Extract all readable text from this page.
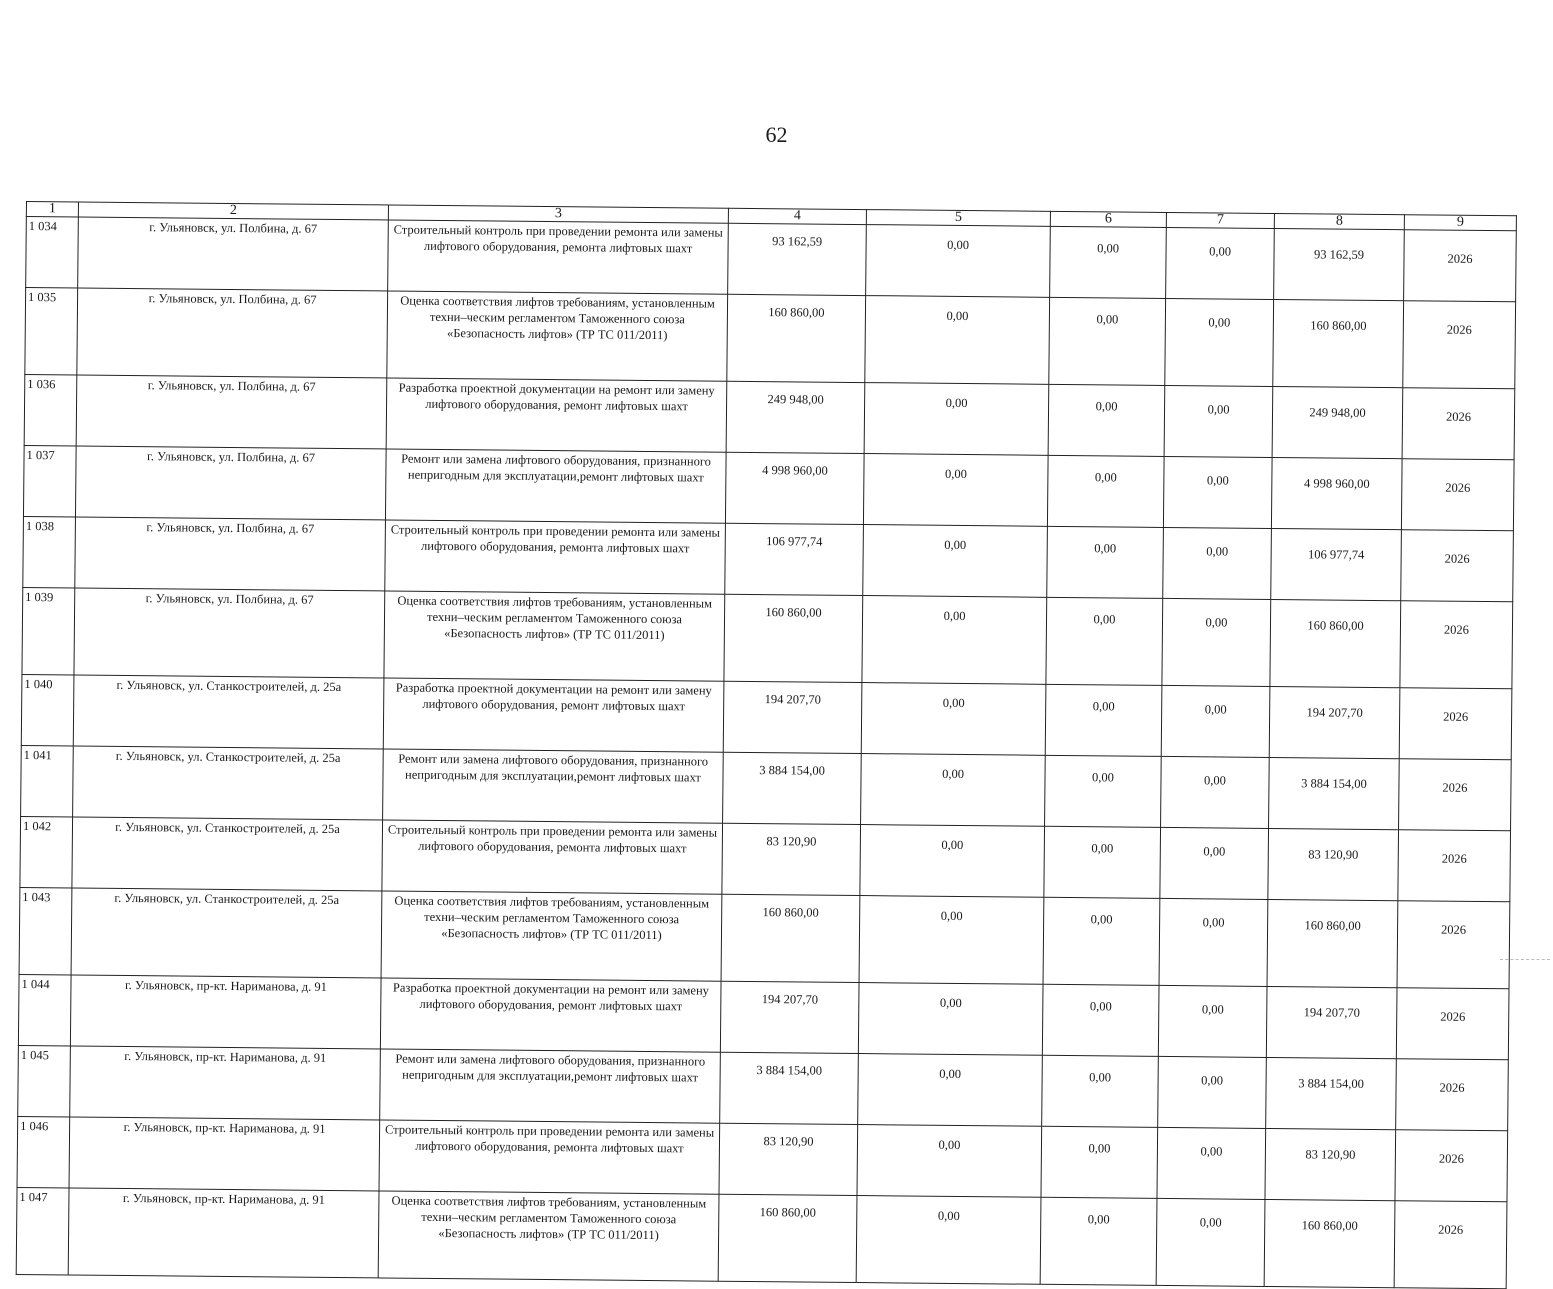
62
1	2	3	4	5	6	7	8	9
1 034	г. Ульяновск, ул. Полбина, д. 67	Строительный контроль при проведении ремонта или замены лифтового оборудования, ремонта лифтовых шахт	93 162,59	0,00	0,00	0,00	93 162,59	2026
1 035	г. Ульяновск, ул. Полбина, д. 67	Оценка соответствия лифтов требованиям, установленным техни–ческим регламентом Таможенного союза «Безопасность лифтов» (ТР ТС 011/2011)	160 860,00	0,00	0,00	0,00	160 860,00	2026
1 036	г. Ульяновск, ул. Полбина, д. 67	Разработка проектной документации на ремонт или замену лифтового оборудования, ремонт лифтовых шахт	249 948,00	0,00	0,00	0,00	249 948,00	2026
1 037	г. Ульяновск, ул. Полбина, д. 67	Ремонт или замена лифтового оборудования, признанного непригодным для эксплуатации,ремонт лифтовых шахт	4 998 960,00	0,00	0,00	0,00	4 998 960,00	2026
1 038	г. Ульяновск, ул. Полбина, д. 67	Строительный контроль при проведении ремонта или замены лифтового оборудования, ремонта лифтовых шахт	106 977,74	0,00	0,00	0,00	106 977,74	2026
1 039	г. Ульяновск, ул. Полбина, д. 67	Оценка соответствия лифтов требованиям, установленным техни–ческим регламентом Таможенного союза «Безопасность лифтов» (ТР ТС 011/2011)	160 860,00	0,00	0,00	0,00	160 860,00	2026
1 040	г. Ульяновск, ул. Станкостроителей, д. 25а	Разработка проектной документации на ремонт или замену лифтового оборудования, ремонт лифтовых шахт	194 207,70	0,00	0,00	0,00	194 207,70	2026
1 041	г. Ульяновск, ул. Станкостроителей, д. 25а	Ремонт или замена лифтового оборудования, признанного непригодным для эксплуатации,ремонт лифтовых шахт	3 884 154,00	0,00	0,00	0,00	3 884 154,00	2026
1 042	г. Ульяновск, ул. Станкостроителей, д. 25а	Строительный контроль при проведении ремонта или замены лифтового оборудования, ремонта лифтовых шахт	83 120,90	0,00	0,00	0,00	83 120,90	2026
1 043	г. Ульяновск, ул. Станкостроителей, д. 25а	Оценка соответствия лифтов требованиям, установленным техни–ческим регламентом Таможенного союза «Безопасность лифтов» (ТР ТС 011/2011)	160 860,00	0,00	0,00	0,00	160 860,00	2026
1 044	г. Ульяновск, пр-кт. Нариманова, д. 91	Разработка проектной документации на ремонт или замену лифтового оборудования, ремонт лифтовых шахт	194 207,70	0,00	0,00	0,00	194 207,70	2026
1 045	г. Ульяновск, пр-кт. Нариманова, д. 91	Ремонт или замена лифтового оборудования, признанного непригодным для эксплуатации,ремонт лифтовых шахт	3 884 154,00	0,00	0,00	0,00	3 884 154,00	2026
1 046	г. Ульяновск, пр-кт. Нариманова, д. 91	Строительный контроль при проведении ремонта или замены лифтового оборудования, ремонта лифтовых шахт	83 120,90	0,00	0,00	0,00	83 120,90	2026
1 047	г. Ульяновск, пр-кт. Нариманова, д. 91	Оценка соответствия лифтов требованиям, установленным техни–ческим регламентом Таможенного союза «Безопасность лифтов» (ТР ТС 011/2011)	160 860,00	0,00	0,00	0,00	160 860,00	2026
